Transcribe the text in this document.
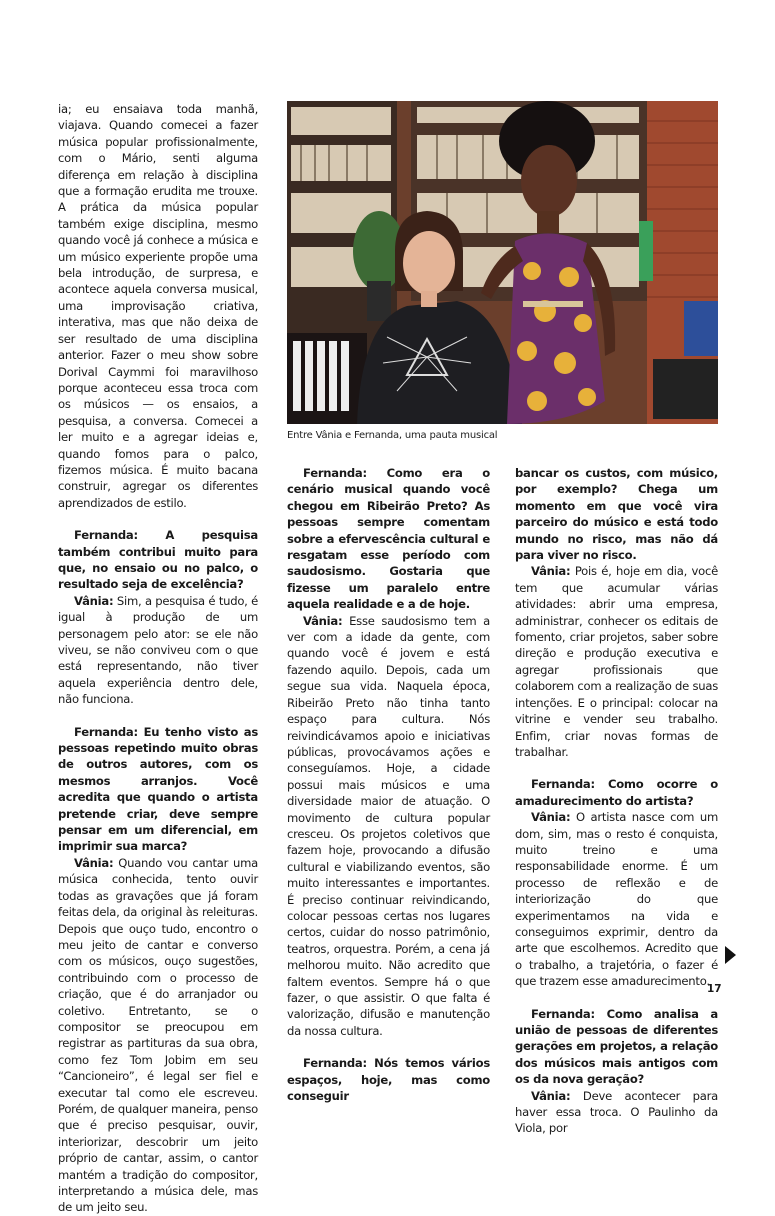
ia; eu ensaiava toda manhã, viajava. Quando comecei a fazer música popular profissionalmente, com o Mário, senti alguma diferença em relação à disciplina que a formação erudita me trouxe. A prática da música popular também exige disciplina, mesmo quando você já conhece a música e um músico experiente propõe uma bela introdução, de surpresa, e acontece aquela conversa musical, uma improvisação criativa, interativa, mas que não deixa de ser resultado de uma disciplina anterior. Fazer o meu show sobre Dorival Caymmi foi maravilhoso porque aconteceu essa troca com os músicos — os ensaios, a pesquisa, a conversa. Comecei a ler muito e a agregar ideias e, quando fomos para o palco, fizemos música. É muito bacana construir, agregar os diferentes aprendizados de estilo.

Fernanda: A pesquisa também contribui muito para que, no ensaio ou no palco, o resultado seja de excelência?

Vânia: Sim, a pesquisa é tudo, é igual à produção de um personagem pelo ator: se ele não viveu, se não conviveu com o que está representando, não tiver aquela experiência dentro dele, não funciona.

Fernanda: Eu tenho visto as pessoas repetindo muito obras de outros autores, com os mesmos arranjos. Você acredita que quando o artista pretende criar, deve sempre pensar em um diferencial, em imprimir sua marca?

Vânia: Quando vou cantar uma música conhecida, tento ouvir todas as gravações que já foram feitas dela, da original às releituras. Depois que ouço tudo, encontro o meu jeito de cantar e converso com os músicos, ouço sugestões, contribuindo com o processo de criação, que é do arranjador ou coletivo. Entretanto, se o compositor se preocupou em registrar as partituras da sua obra, como fez Tom Jobim em seu “Cancioneiro”, é legal ser fiel e executar tal como ele escreveu. Porém, de qualquer maneira, penso que é preciso pesquisar, ouvir, interiorizar, descobrir um jeito próprio de cantar, assim, o cantor mantém a tradição do compositor, interpretando a música dele, mas de um jeito seu.

Entre Vânia e Fernanda, uma pauta musical

Fernanda: Como era o cenário musical quando você chegou em Ribeirão Preto? As pessoas sempre comentam sobre a efervescência cultural e resgatam esse período com saudosismo. Gostaria que fizesse um paralelo entre aquela realidade e a de hoje.

Vânia: Esse saudosismo tem a ver com a idade da gente, com quando você é jovem e está fazendo aquilo. Depois, cada um segue sua vida. Naquela época, Ribeirão Preto não tinha tanto espaço para cultura. Nós reivindicávamos apoio e iniciativas públicas, provocávamos ações e conseguíamos. Hoje, a cidade possui mais músicos e uma diversidade maior de atuação. O movimento de cultura popular cresceu. Os projetos coletivos que fazem hoje, provocando a difusão cultural e viabilizando eventos, são muito interessantes e importantes. É preciso continuar reivindicando, colocar pessoas certas nos lugares certos, cuidar do nosso patrimônio, teatros, orquestra. Porém, a cena já melhorou muito. Não acredito que faltem eventos. Sempre há o que fazer, o que assistir. O que falta é valorização, difusão e manutenção da nossa cultura.

Fernanda: Nós temos vários espaços, hoje, mas como conseguir

bancar os custos, com músico, por exemplo? Chega um momento em que você vira parceiro do músico e está todo mundo no risco, mas não dá para viver no risco.

Vânia: Pois é, hoje em dia, você tem que acumular várias atividades: abrir uma empresa, administrar, conhecer os editais de fomento, criar projetos, saber sobre direção e produção executiva e agregar profissionais que colaborem com a realização de suas intenções. E o principal: colocar na vitrine e vender seu trabalho. Enfim, criar novas formas de trabalhar.

Fernanda: Como ocorre o amadurecimento do artista?

Vânia: O artista nasce com um dom, sim, mas o resto é conquista, muito treino e uma responsabilidade enorme. É um processo de reflexão e de interiorização do que experimentamos na vida e conseguimos exprimir, dentro da arte que escolhemos. Acredito que o trabalho, a trajetória, o fazer é que trazem esse amadurecimento.

Fernanda: Como analisa a união de pessoas de diferentes gerações em projetos, a relação dos músicos mais antigos com os da nova geração?

Vânia: Deve acontecer para haver essa troca. O Paulinho da Viola, por

17
